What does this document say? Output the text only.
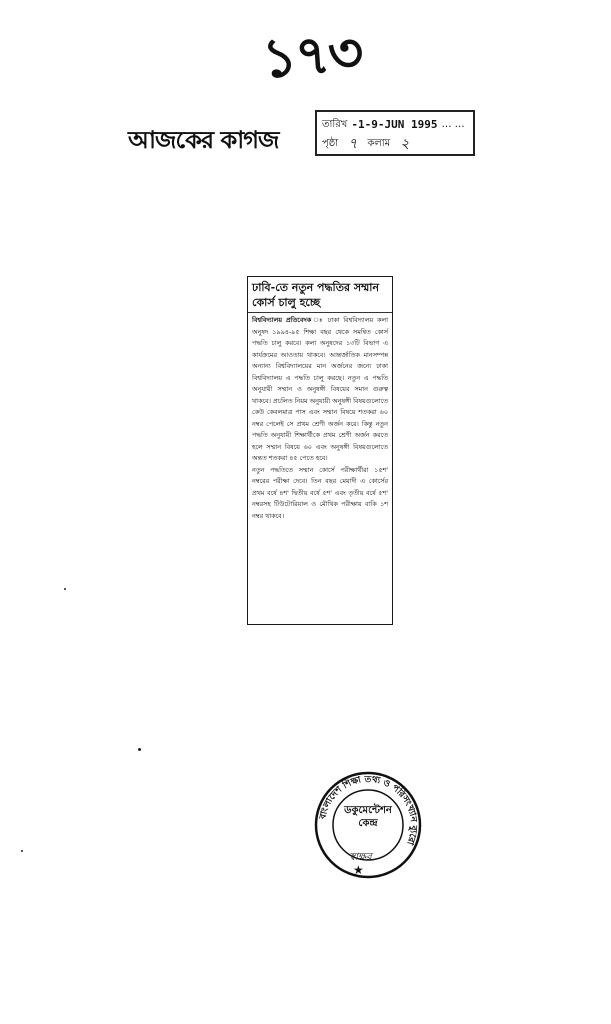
১৭৩
আজকের কাগজ
তারিখ -1-9-JUN 1995 … …
পৃষ্ঠা ৭	কলাম ২
ঢাবি-তে নতুন পদ্ধতির সম্মান কোর্স চালু হচ্ছে
বিশ্ববিদ্যালয় প্রতিবেদক ঃ ঢাকা বিশ্ববিদ্যালয় কলা অনুষদ ১৯৯৪-৯৫ শিক্ষা বছর থেকে সমন্বিত কোর্স পদ্ধতি চালু করবে। কলা অনুষদের ১৩টি বিভাগ এ কার্যক্রমের আওতায় থাকবে। আন্তর্জাতিক মানসম্পন্ন অন্যান্য বিশ্ববিদ্যালয়ের মান অর্জনের জন্যে ঢাকা বিশ্ববিদ্যালয় এ পদ্ধতি চালু করছে। নতুন এ পদ্ধতি অনুযায়ী সম্মান ও অনুষঙ্গী বিষয়ের সমান গুরুত্ব থাকবে। প্রচলিত নিয়ম অনুযায়ী অনুষঙ্গী বিষয়গুলোতে কেউ কেবলমাত্র পাস এবং সম্মান বিষয়ে শতকরা ৬০ নম্বর পেলেই সে প্রথম শ্রেণী অর্জন করে। কিন্তু নতুন পদ্ধতি অনুযায়ী শিক্ষার্থীকে প্রথম শ্রেণী অর্জন করতে হলে সম্মান বিষয়ে ৬০ এবং অনুষঙ্গী বিষয়গুলোতে অন্তত শতকরা ৪৫ পেতে হবে।
নতুন পদ্ধতিতে সম্মান কোর্সে পরীক্ষার্থীরা ১৫শ' নম্বরের পরীক্ষা দেবে। তিন বছর মেয়াদী এ কোর্সের প্রথম বর্ষে ৪শ' দ্বিতীয় বর্ষে ৫শ' এবং তৃতীয় বর্ষে ৫শ' নম্বরসহ টিউটোরিয়াল ও মৌখিক পরীক্ষায় বাকি ১শ নম্বর থাকবে।
বাংলাদেশ শিক্ষা তথ্য ও পরিসংখ্যান ব্যুরো
★
ডকুমেন্টেশন
কেন্দ্র
স্বাক্ষর
